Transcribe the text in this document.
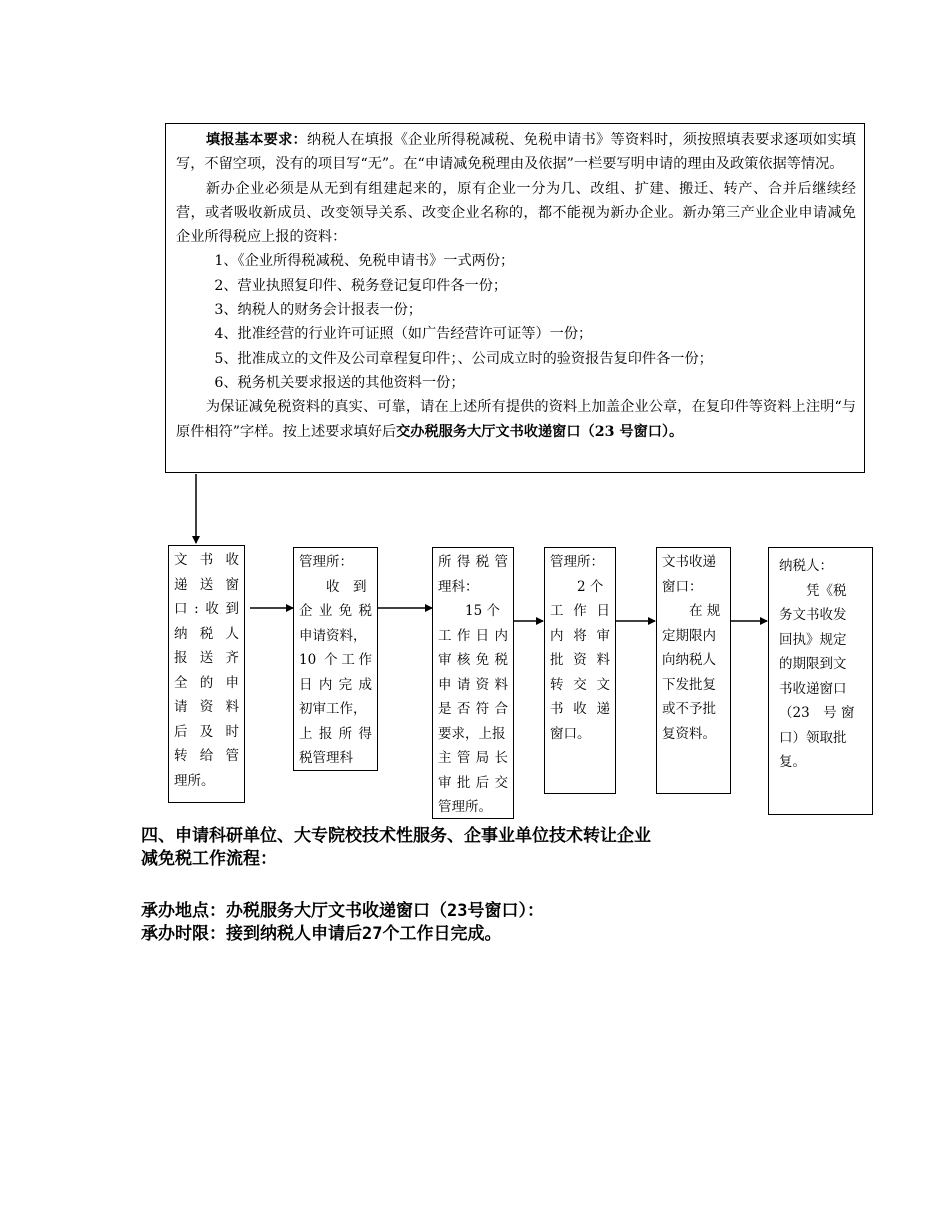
填报基本要求：纳税人在填报《企业所得税减税、免税申请书》等资料时，须按照填表要求逐项如实填写，不留空项，没有的项目写“无”。在“申请减免税理由及依据”一栏要写明申请的理由及政策依据等情况。

新办企业必须是从无到有组建起来的，原有企业一分为几、改组、扩建、搬迁、转产、合并后继续经营，或者吸收新成员、改变领导关系、改变企业名称的，都不能视为新办企业。新办第三产业企业申请减免企业所得税应上报的资料：

1、《企业所得税减税、免税申请书》一式两份；

2、营业执照复印件、税务登记复印件各一份；

3、纳税人的财务会计报表一份；

4、批准经营的行业许可证照（如广告经营许可证等）一份；

5、批准成立的文件及公司章程复印件；、公司成立时的验资报告复印件各一份；

6、税务机关要求报送的其他资料一份；

为保证减免税资料的真实、可靠，请在上述所有提供的资料上加盖企业公章，在复印件等资料上注明“与原件相符”字样。按上述要求填好后交办税服务大厅文书收递窗口（23 号窗口）。

文 书 收
递 送 窗
口:收到
纳 税 人
报 送 齐
全 的 申
请 资 料
后 及 时
转 给 管
理所。
管理所：
收　到
企 业 免 税
申请资料，
10 个工作
日 内 完 成
初审工作，
上 报 所 得
税管理科
所 得 税 管
理科：
15 个
工 作 日 内
审 核 免 税
申 请 资 料
是 否 符 合
要求，上报
主 管 局 长
审 批 后 交
管理所。
管理所：
2 个
工 作 日
内 将 审
批 资 料
转 交 文
书 收 递
窗口。
文书收递
窗口：
在 规
定期限内
向纳税人
下发批复
或不予批
复资料。
纳税人：
凭《税
务文书收发
回执》规定
的期限到文
书收递窗口
（23　号 窗
口）领取批
复。
四、申请科研单位、大专院校技术性服务、企事业单位技术转让企业
减免税工作流程：
承办地点：办税服务大厅文书收递窗口（23号窗口）：
承办时限：接到纳税人申请后27个工作日完成。
